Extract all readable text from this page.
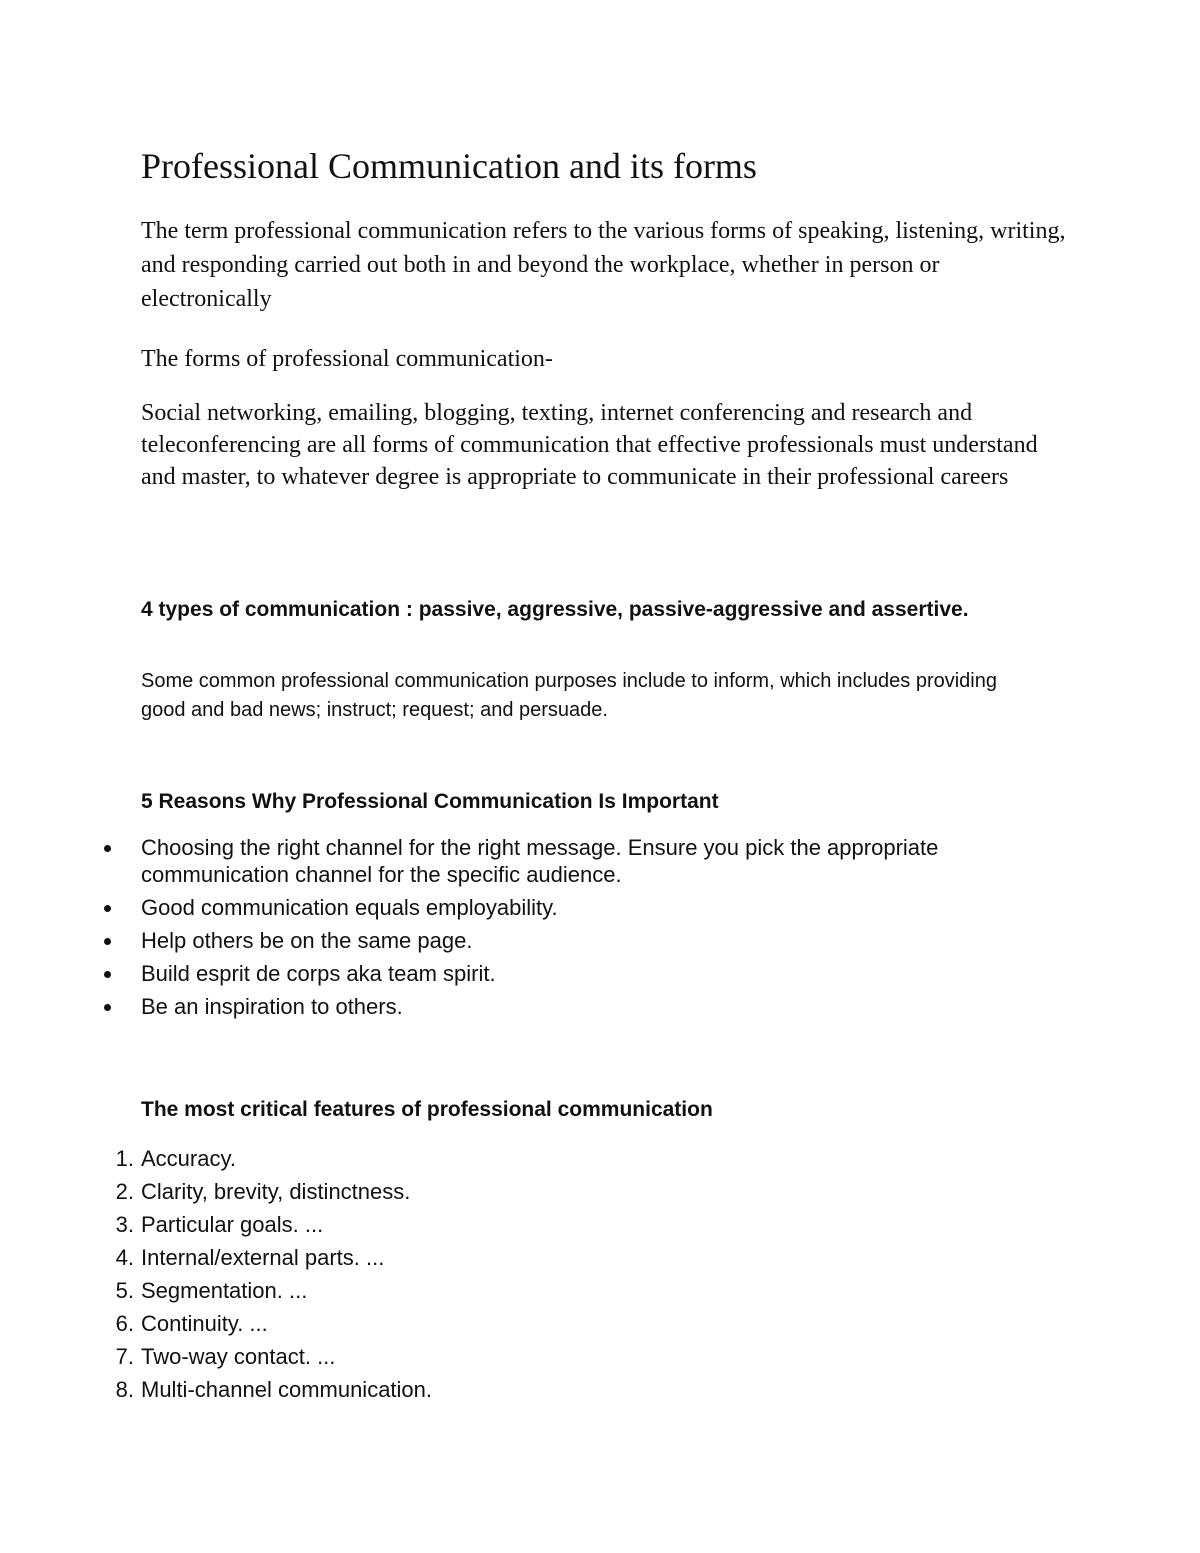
Professional Communication and its forms

The term professional communication refers to the various forms of speaking, listening, writing, and responding carried out both in and beyond the workplace, whether in person or electronically

The forms of professional communication-

Social networking, emailing, blogging, texting, internet conferencing and research and teleconferencing are all forms of communication that effective professionals must understand and master, to whatever degree is appropriate to communicate in their professional careers

4 types of communication : passive, aggressive, passive-aggressive and assertive.

Some common professional communication purposes include to inform, which includes providing good and bad news; instruct; request; and persuade.

5 Reasons Why Professional Communication Is Important
Choosing the right channel for the right message. Ensure you pick the appropriate communication channel for the specific audience.
Good communication equals employability.
Help others be on the same page.
Build esprit de corps aka team spirit.
Be an inspiration to others.
The most critical features of professional communication
1. Accuracy.
2. Clarity, brevity, distinctness.
3. Particular goals. ...
4. Internal/external parts. ...
5. Segmentation. ...
6. Continuity. ...
7. Two-way contact. ...
8. Multi-channel communication.
